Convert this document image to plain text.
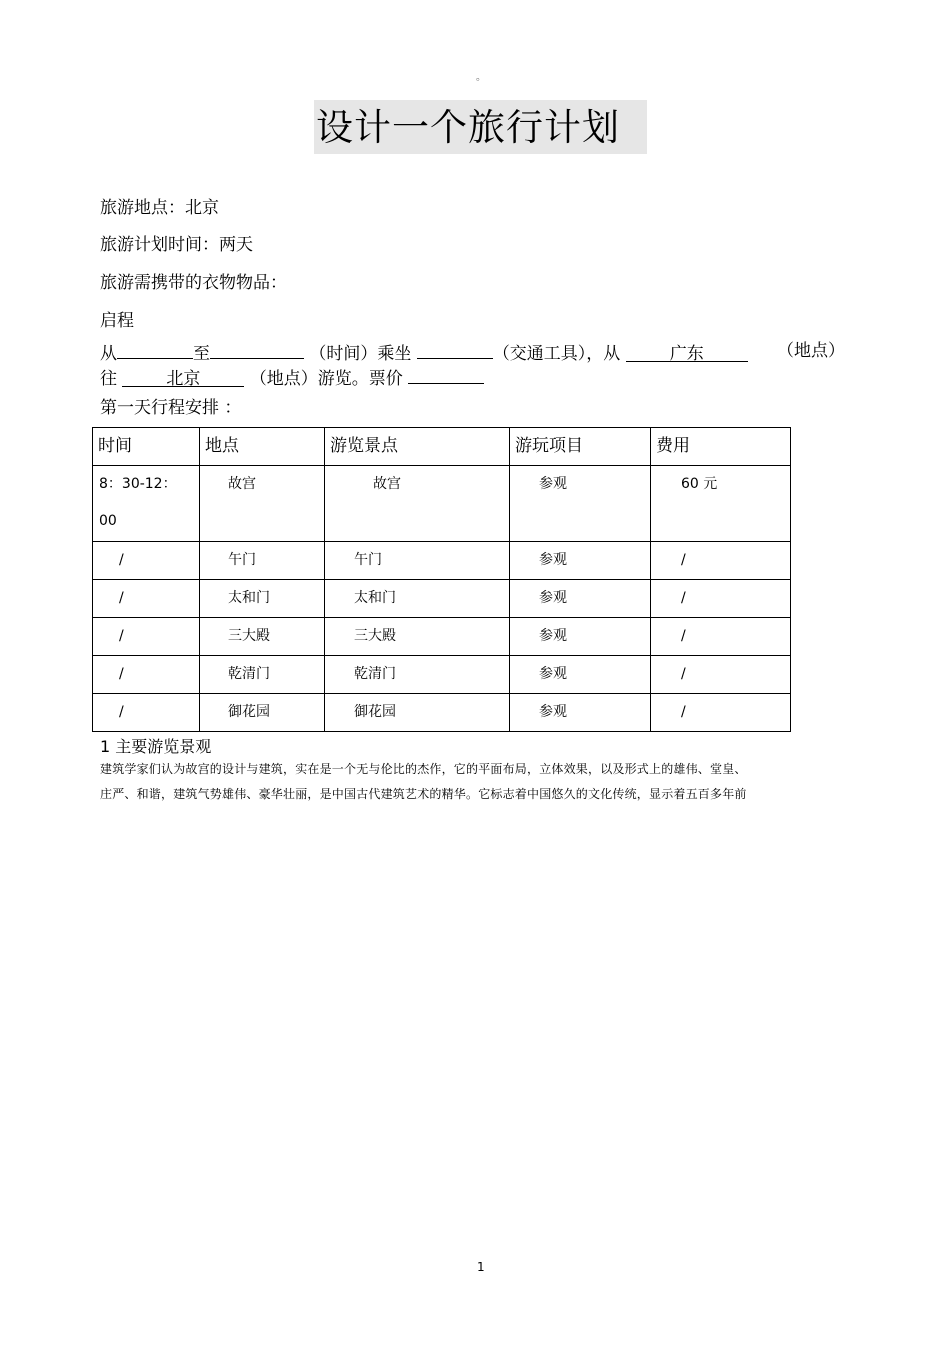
。
设计一个旅行计划
旅游地点：北京
旅游计划时间：两天
旅游需携带的衣物物品：
启程
从	至	（时间）乘坐	（交通工具），从	广东	（地点）
往	北京	（地点）游览。票价
第一天行程安排 ：
时间	地点	游览景点	游玩项目	费用

8：30-12：
00	故宫	故宫	参观	60 元
/	午门	午门	参观	/
/	太和门	太和门	参观	/
/	三大殿	三大殿	参观	/
/	乾清门	乾清门	参观	/
/	御花园	御花园	参观	/
1 主要游览景观
建筑学家们认为故宫的设计与建筑，实在是一个无与伦比的杰作，它的平面布局，立体效果，以及形式上的雄伟、堂皇、
庄严、和谐，建筑气势雄伟、豪华壮丽，是中国古代建筑艺术的精华。它标志着中国悠久的文化传统，显示着五百多年前
1
